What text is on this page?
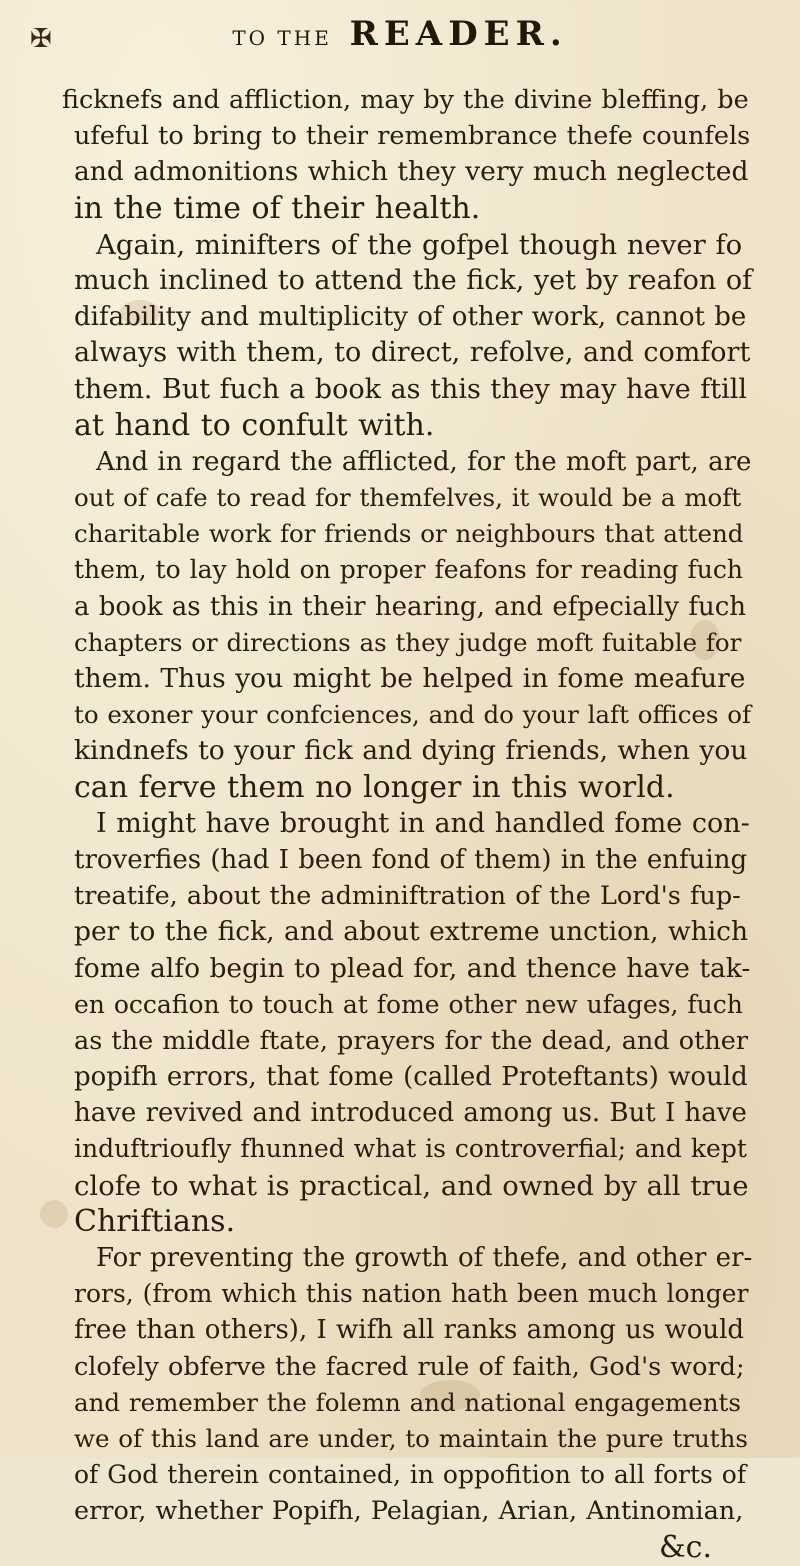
✠	TO THE READER.
ficknefs and affliction, may by the divine bleffing, be
ufeful to bring to their remembrance thefe counfels
and admonitions which they very much neglected
in the time of their health.
Again, minifters of the gofpel though never fo
much inclined to attend the fick, yet by reafon of
difability and multiplicity of other work, cannot be
always with them, to direct, refolve, and comfort
them. But fuch a book as this they may have ftill
at hand to confult with.
And in regard the afflicted, for the moft part, are
out of cafe to read for themfelves, it would be a moft
charitable work for friends or neighbours that attend
them, to lay hold on proper feafons for reading fuch
a book as this in their hearing, and efpecially fuch
chapters or directions as they judge moft fuitable for
them. Thus you might be helped in fome meafure
to exoner your confciences, and do your laft offices of
kindnefs to your fick and dying friends, when you
can ferve them no longer in this world.
I might have brought in and handled fome con-
troverfies (had I been fond of them) in the enfuing
treatife, about the adminiftration of the Lord's fup-
per to the fick, and about extreme unction, which
fome alfo begin to plead for, and thence have tak-
en occafion to touch at fome other new ufages, fuch
as the middle ftate, prayers for the dead, and other
popifh errors, that fome (called Proteftants) would
have revived and introduced among us. But I have
induftrioufly fhunned what is controverfial; and kept
clofe to what is practical, and owned by all true
Chriftians.
For preventing the growth of thefe, and other er-
rors, (from which this nation hath been much longer
free than others), I wifh all ranks among us would
clofely obferve the facred rule of faith, God's word;
and remember the folemn and national engagements
we of this land are under, to maintain the pure truths
of God therein contained, in oppofition to all forts of
error, whether Popifh, Pelagian, Arian, Antinomian,
&c.
